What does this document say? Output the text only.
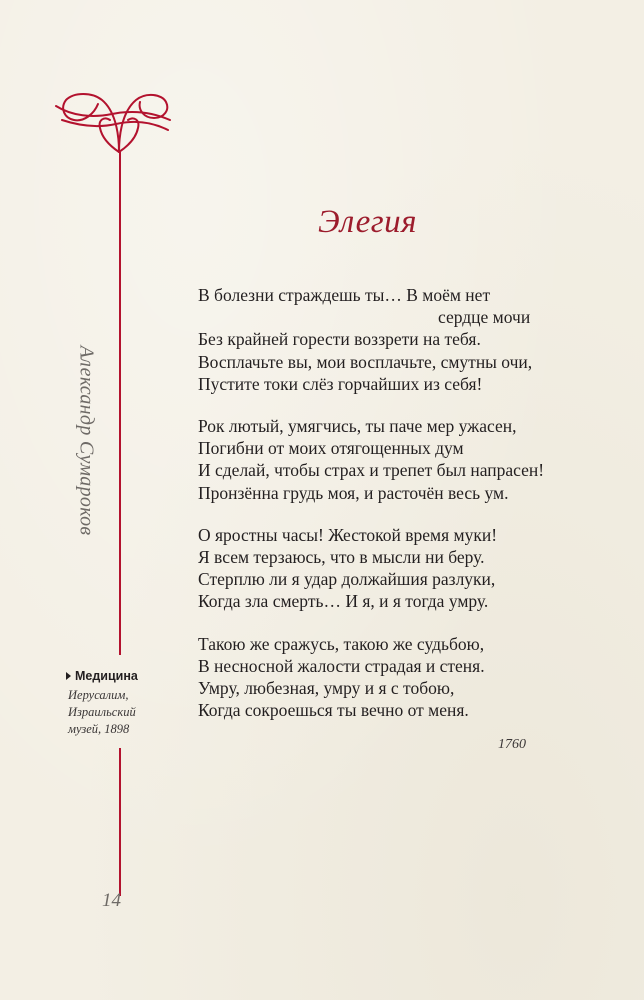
Александр Сумароков
Медицина
Иерусалим,
Израильский
музей, 1898
Элегия
В болезни страждешь ты… В моём нет
сердце мочи
Без крайней горести воззрети на тебя.
Восплачьте вы, мои восплачьте, смутны очи,
Пустите токи слёз горчайших из себя!
Рок лютый, умягчись, ты паче мер ужасен,
Погибни от моих отягощенных дум
И сделай, чтобы страх и трепет был напрасен!
Пронзённа грудь моя, и расточён весь ум.
О яростны часы! Жестокой время муки!
Я всем терзаюсь, что в мысли ни беру.
Стерплю ли я удар должайшия разлуки,
Когда зла смерть… И я, и я тогда умру.
Такою же сражусь, такою же судьбою,
В несносной жалости страдая и стеня.
Умру, любезная, умру и я с тобою,
Когда сокроешься ты вечно от меня.
1760
14
